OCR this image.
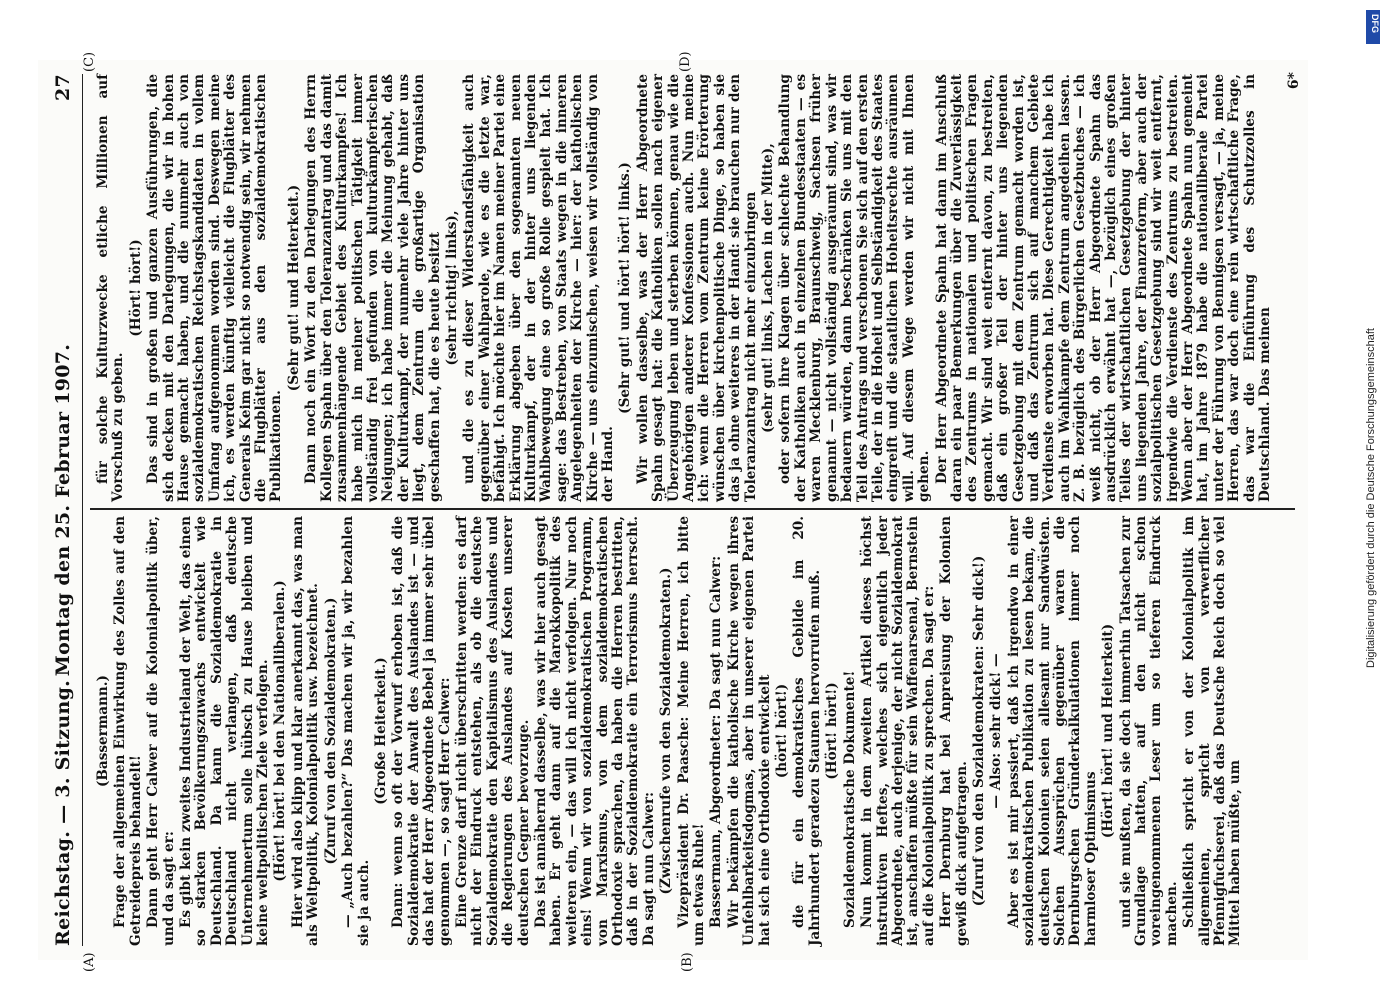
Reichstag. — 3. Sitzung.
Montag den 25. Februar 1907.
27
(A)	(B)
(C)	(D)

(Bassermann.) Frage der allgemeinen Einwirkung des Zolles auf den Getreidepreis behandelt! Dann geht Herr Calwer auf die Kolonialpolitik über, und da sagt er: Es gibt kein zweites Industrieland der Welt, das einen so starken Bevölkerungszuwachs entwickelt wie Deutschland. Da kann die Sozialdemokratie in Deutschland nicht verlangen, daß deutsche Unternehmertum solle hübsch zu Hause bleiben und keine weltpolitischen Ziele verfolgen. (Hört! hört! bei den Nationalliberalen.) Hier wird also klipp und klar anerkannt das, was man als Weltpolitik, Kolonialpolitik usw. bezeichnet. (Zuruf von den Sozialdemokraten.) — „Auch bezahlen?“ Das machen wir ja, wir bezahlen sie ja auch.

(Große Heiterkeit.) Dann: wenn so oft der Vorwurf erhoben ist, daß die Sozialdemokratie der Anwalt des Auslandes ist — und das hat der Herr Abgeordnete Bebel ja immer sehr übel genommen —, so sagt Herr Calwer: Eine Grenze darf nicht überschritten werden: es darf nicht der Eindruck entstehen, als ob die deutsche Sozialdemokratie den Kapitalismus des Auslandes und die Regierungen des Auslandes auf Kosten unserer deutschen Gegner bevorzuge. Das ist annähernd dasselbe, was wir hier auch gesagt haben. Er geht dann auf die Marokkopolitik des weiteren ein, — das will ich nicht verfolgen. Nur noch eins! Wenn wir von sozialdemokratischen Programm, von Marxismus, von dem sozialdemokratischen Orthodoxie sprachen, da haben die Herren bestritten, daß in der Sozialdemokratie ein Terrorismus herrscht. Da sagt nun Calwer: (Zwischenrufe von den Sozialdemokraten.) Vizepräsident Dr. Paasche: Meine Herren, ich bitte um etwas Ruhe! Bassermann, Abgeordneter: Da sagt nun Calwer: Wir bekämpfen die katholische Kirche wegen ihres Unfehlbarkeitsdogmas, aber in unserer eigenen Partei hat sich eine Orthodoxie entwickelt (hört! hört!) die für ein demokratisches Gebilde im 20. Jahrhundert geradezu Staunen hervorrufen muß. (Hört! hört!) Sozialdemokratische Dokumente! Nun kommt in dem zweiten Artikel dieses höchst instruktiven Heftes, welches sich eigentlich jeder Abgeordnete, auch derjenige, der nicht Sozialdemokrat ist, anschaffen müßte für sein Waffenarsenal, Bernstein auf die Kolonialpolitik zu sprechen. Da sagt er: Herr Dernburg hat bei Anpreisung der Kolonien gewiß dick aufgetragen. (Zuruf von den Sozialdemokraten: Sehr dick!) — Also: sehr dick! — Aber es ist mir passiert, daß ich irgendwo in einer sozialdemokratischen Publikation zu lesen bekam, die deutschen Kolonien seien allesamt nur Sandwüsten. Solchen Aussprüchen gegenüber waren die Dernburgschen Gründerkalkulationen immer noch harmloser Optimismus

(Hört! hört! und Heiterkeit) und sie mußten, da sie doch immerhin Tatsachen zur Grundlage hatten, auf den nicht schon voreingenommenen Leser um so tieferen Eindruck machen. Schließlich spricht er von der Kolonialpolitik im allgemeinen, spricht von verwerflicher Pfennigfuchserei, daß das Deutsche Reich doch so viel Mittel haben müßte, um

für solche Kulturzwecke etliche Millionen auf Vorschuß zu geben.

(Hört! hört!) Das sind in großen und ganzen Ausführungen, die sich decken mit den Darlegungen, die wir in hohen Hause gemacht haben, und die nunmehr auch von sozialdemokratischen Reichstagskandidaten in vollem Umfang aufgenommen worden sind. Deswegen meine ich, es werden künftig vielleicht die Flugblätter des Generals Keim gar nicht so notwendig sein, wir nehmen die Flugblätter aus den sozialdemokratischen Publikationen.

(Sehr gut! und Heiterkeit.) Dann noch ein Wort zu den Darlegungen des Herrn Kollegen Spahn über den Toleranzantrag und das damit zusammenhängende Gebiet des Kulturkampfes! Ich habe mich in meiner politischen Tätigkeit immer vollständig frei gefunden von kulturkämpferischen Neigungen; ich habe immer die Meinung gehabt, daß der Kulturkampf, der nunmehr viele Jahre hinter uns liegt, dem Zentrum die großartige Organisation geschaffen hat, die es heute besitzt (sehr richtig! links), und die es zu dieser Widerstandsfähigkeit auch gegenüber einer Wahlparole, wie es die letzte war, befähigt. Ich möchte hier im Namen meiner Partei eine Erklärung abgeben über den sogenannten neuen Kulturkampf, der in der hinter uns liegenden Wahlbewegung eine so große Rolle gespielt hat. Ich sage: das Bestreben, von Staats wegen in die inneren Angelegenheiten der Kirche — hier: der katholischen Kirche — uns einzumischen, weisen wir vollständig von der Hand.

(Sehr gut! und hört! hört! links.) Wir wollen dasselbe, was der Herr Abgeordnete Spahn gesagt hat: die Katholiken sollen nach eigener Überzeugung leben und sterben können, genau wie die Angehörigen anderer Konfessionen auch. Nun meine ich: wenn die Herren vom Zentrum keine Erörterung wünschen über kirchenpolitische Dinge, so haben sie das ja ohne weiteres in der Hand: sie brauchen nur den Toleranzantrag nicht mehr einzubringen (sehr gut! links, Lachen in der Mitte), oder sofern ihre Klagen über schlechte Behandlung der Katholiken auch in einzelnen Bundesstaaten — es waren Mecklenburg, Braunschweig, Sachsen früher genannt — nicht vollständig ausgeräumt sind, was wir bedauern würden, dann beschränken Sie uns mit den Teil des Antrags und verschonen Sie sich auf den ersten Teile, der in die Hoheit und Selbständigkeit des Staates eingreift und die staatlichen Hoheitsrechte ausräumen will. Auf diesem Wege werden wir nicht mit Ihnen gehen. Der Herr Abgeordnete Spahn hat dann im Anschluß daran ein paar Bemerkungen über die Zuverlässigkeit des Zentrums in nationalen und politischen Fragen gemacht. Wir sind weit entfernt davon, zu bestreiten, daß ein großer Teil der hinter uns liegenden Gesetzgebung mit dem Zentrum gemacht worden ist, und daß das Zentrum sich auf manchem Gebiete Verdienste erworben hat. Diese Gerechtigkeit habe ich auch im Wahlkampfe dem Zentrum angedeihen lassen. Z. B. bezüglich des Bürgerlichen Gesetzbuches — ich weiß nicht, ob der Herr Abgeordnete Spahn das ausdrücklich erwähnt hat —, bezüglich eines großen Teiles der wirtschaftlichen Gesetzgebung der hinter uns liegenden Jahre, der Finanzreform, aber auch der sozialpolitischen Gesetzgebung sind wir weit entfernt, irgendwie die Verdienste des Zentrums zu bestreiten. Wenn aber der Herr Abgeordnete Spahn nun gemeint hat, im Jahre 1879 habe die nationalliberale Partei unter der Führung von Bennigsen versagt, — ja, meine Herren, das war doch eine rein wirtschaftliche Frage, das war die Einführung des Schutzzolles in Deutschland. Das meinen

6*
Digitalisierung gefördert durch die Deutsche Forschungsgemeinschaft
DFG
